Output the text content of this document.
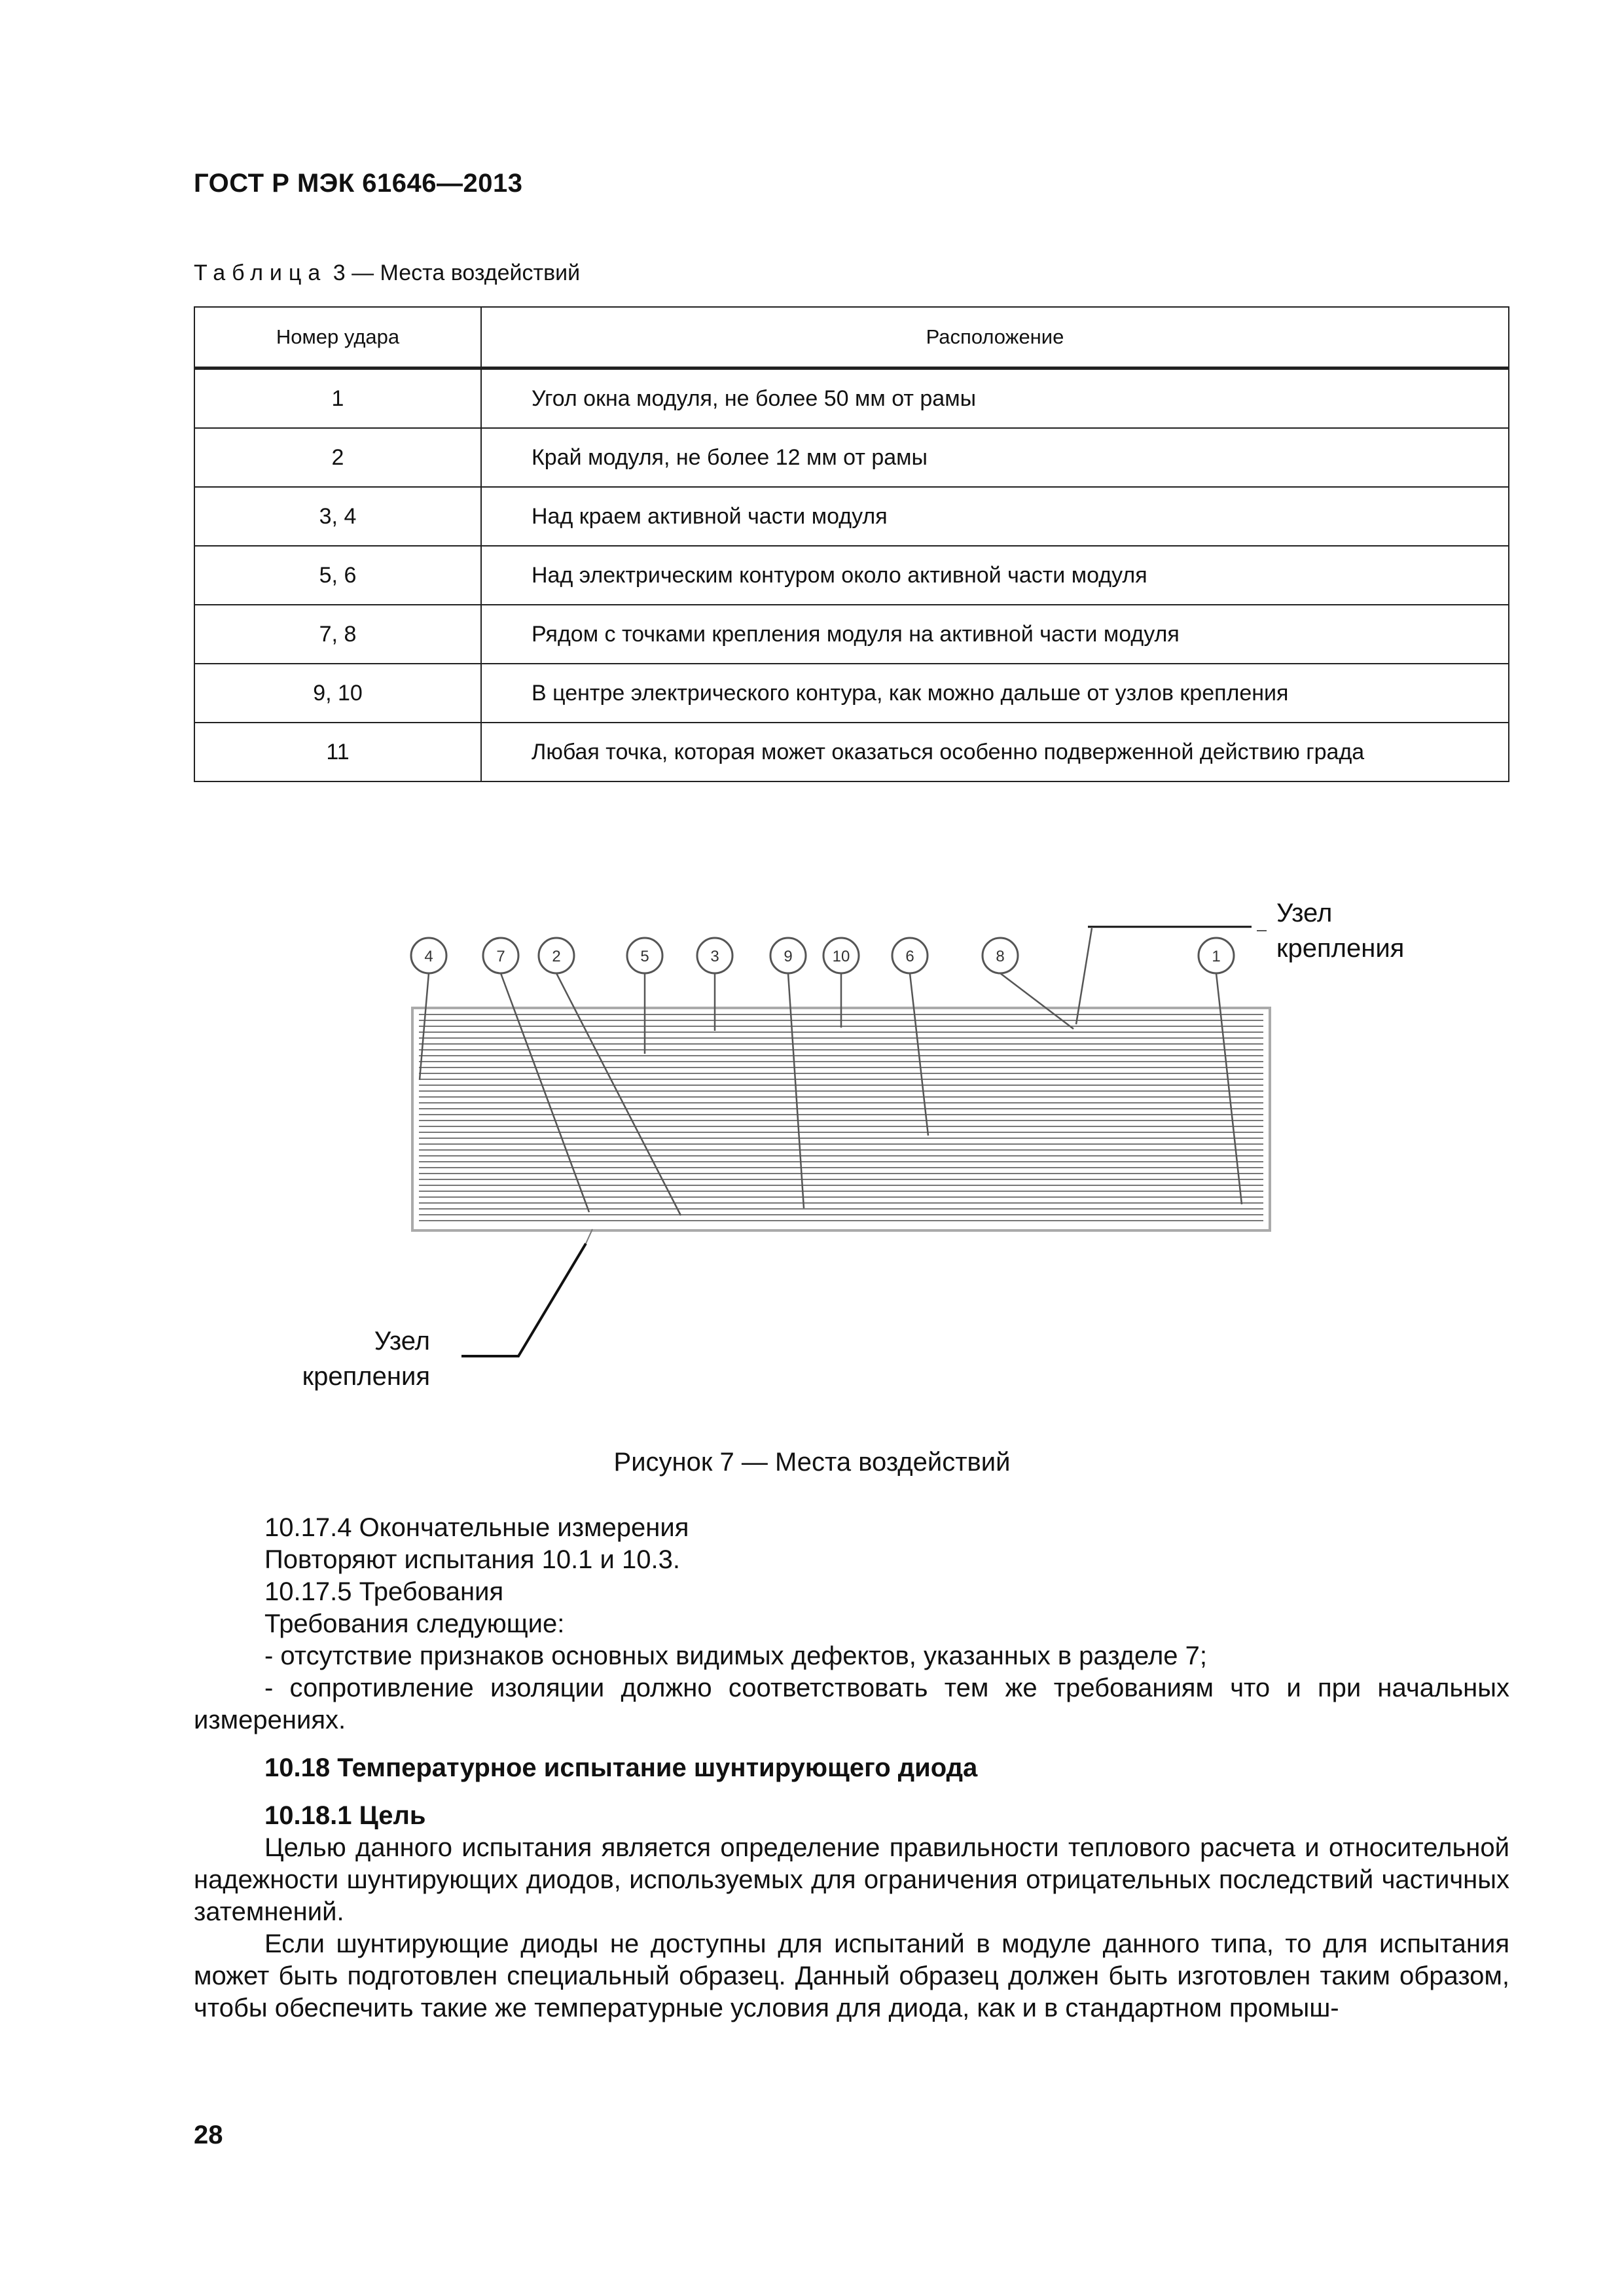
ГОСТ Р МЭК 61646—2013
Таблица 3 — Места воздействий
Номер удара	Расположение
1	Угол окна модуля, не более 50 мм от рамы
2	Край модуля, не более 12 мм от рамы
3, 4	Над краем активной части модуля
5, 6	Над электрическим контуром около активной части модуля
7, 8	Рядом с точками крепления модуля на активной части модуля
9, 10	В центре электрического контура, как можно дальше от узлов крепления
11	Любая точка, которая может оказаться особенно подверженной действию града
4	7	2	5	3	9	10	6	8	1
Узел
крепления
Узел
крепления
Рисунок 7 — Места воздействий

10.17.4 Окончательные измерения

Повторяют испытания 10.1 и 10.3.

10.17.5 Требования

Требования следующие:

- отсутствие признаков основных видимых дефектов, указанных в разделе 7;

- сопротивление изоляции должно соответствовать тем же требованиям что и при начальных измерениях.

10.18 Температурное испытание шунтирующего диода

10.18.1 Цель

Целью данного испытания является определение правильности теплового расчета и относительной надежности шунтирующих диодов, используемых для ограничения отрицательных последствий частичных затемнений.

Если шунтирующие диоды не доступны для испытаний в модуле данного типа, то для испытания может быть подготовлен специальный образец. Данный образец должен быть изготовлен таким образом, чтобы обеспечить такие же температурные условия для диода, как и в стандартном промыш-

28
